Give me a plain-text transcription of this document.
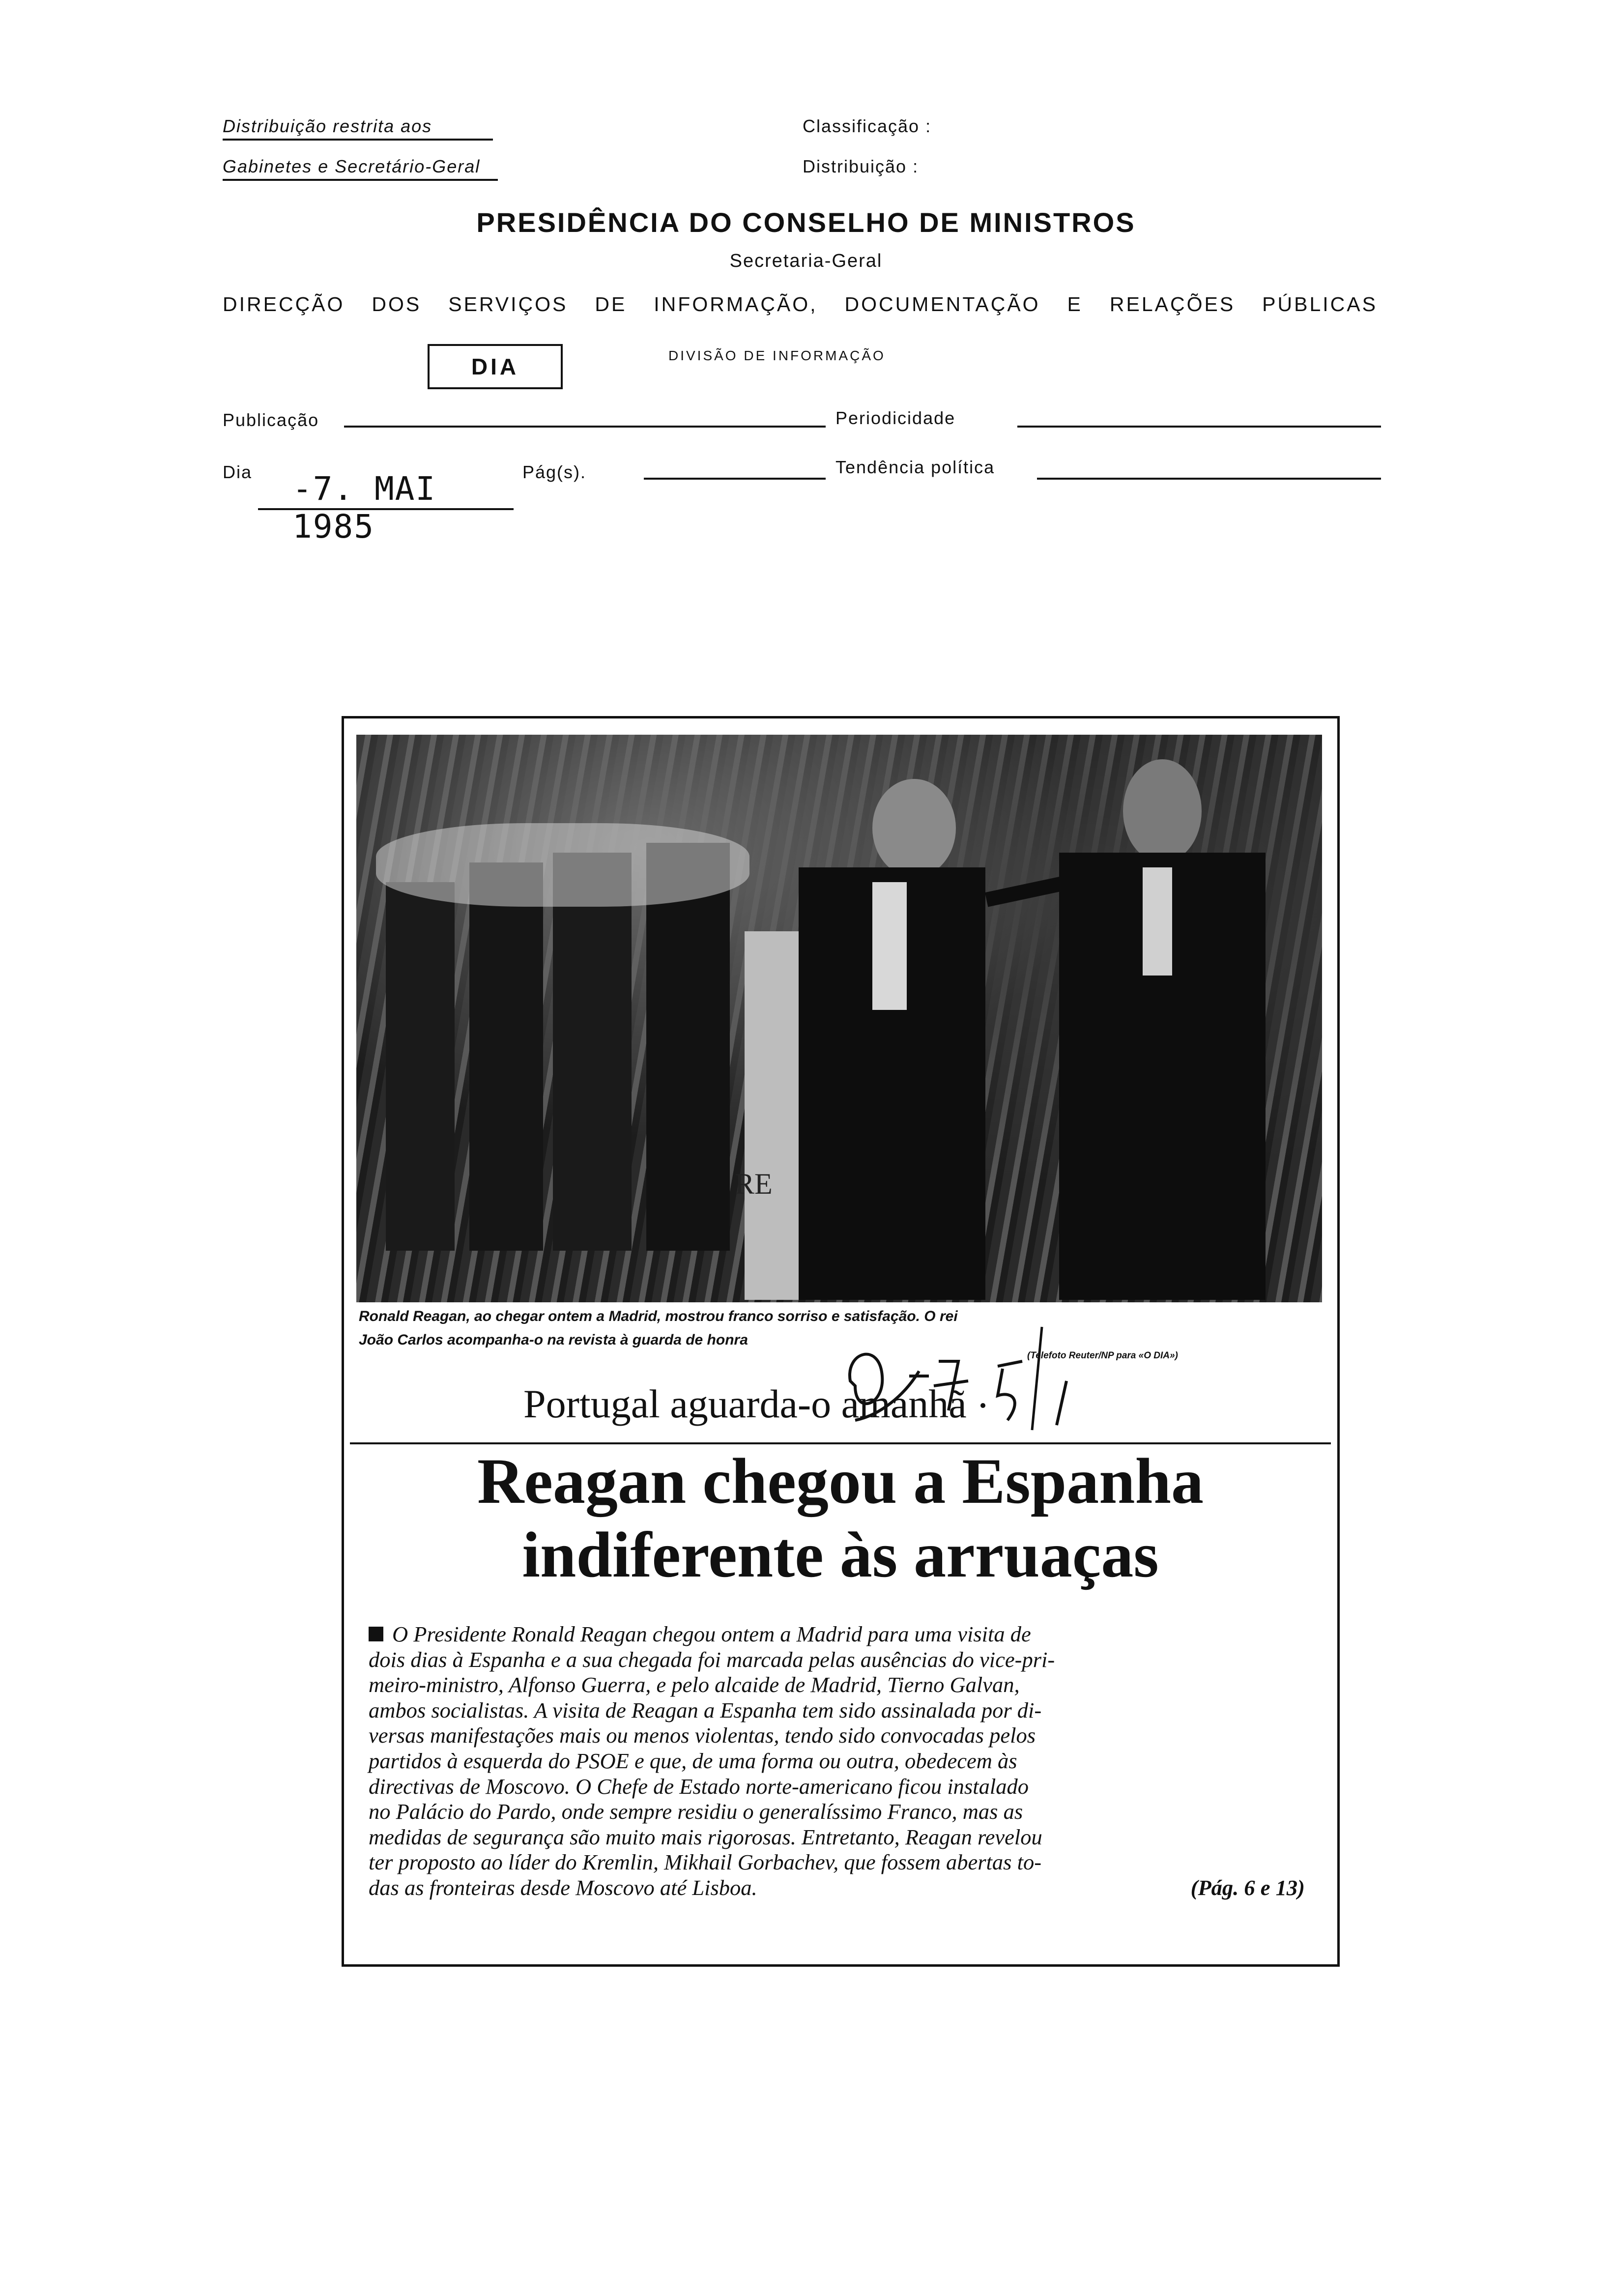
Distribuição restrita aos
Gabinetes e Secretário-Geral
Classificação :
Distribuição :
PRESIDÊNCIA DO CONSELHO DE MINISTROS
Secretaria-Geral
DIRECÇÃO DOS SERVIÇOS DE INFORMAÇÃO, DOCUMENTAÇÃO E RELAÇÕES PÚBLICAS
DIVISÃO DE INFORMAÇÃO
DIA
Publicação	Periodicidade
Dia -7. MAI 1985
Pág(s).	Tendência política
RE
Ronald Reagan, ao chegar ontem a Madrid, mostrou franco sorriso e satisfação. O rei
João Carlos acompanha-o na revista à guarda de honra
(Telefoto Reuter/NP para «O DIA»)
Portugal aguarda-o amanhã
Reagan chegou a Espanha
indiferente às arruaças
O Presidente Ronald Reagan chegou ontem a Madrid para uma visita de
dois dias à Espanha e a sua chegada foi marcada pelas ausências do vice-pri-
meiro-ministro, Alfonso Guerra, e pelo alcaide de Madrid, Tierno Galvan,
ambos socialistas. A visita de Reagan a Espanha tem sido assinalada por di-
versas manifestações mais ou menos violentas, tendo sido convocadas pelos
partidos à esquerda do PSOE e que, de uma forma ou outra, obedecem às
directivas de Moscovo. O Chefe de Estado norte-americano ficou instalado
no Palácio do Pardo, onde sempre residiu o generalíssimo Franco, mas as
medidas de segurança são muito mais rigorosas. Entretanto, Reagan revelou
ter proposto ao líder do Kremlin, Mikhail Gorbachev, que fossem abertas to-
das as fronteiras desde Moscovo até Lisboa.	(Pág. 6 e 13)
